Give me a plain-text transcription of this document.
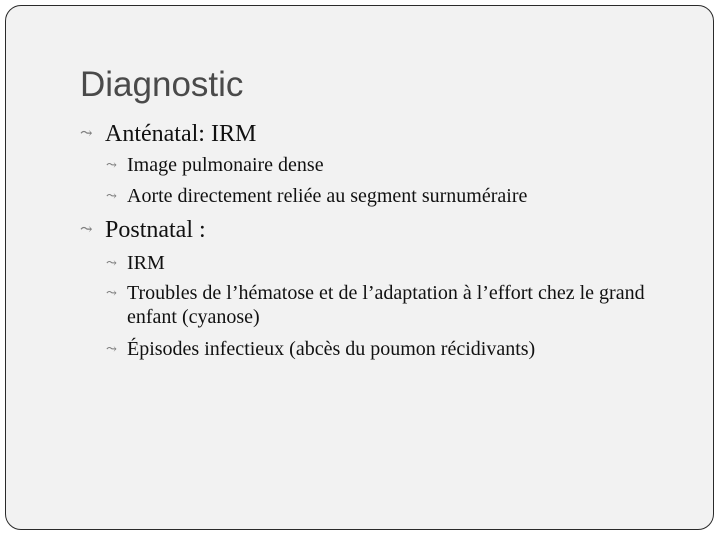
Diagnostic
⤳ Anténatal: IRM
⤳ Image pulmonaire dense
⤳ Aorte directement reliée au segment surnuméraire
⤳ Postnatal :
⤳ IRM
⤳ Troubles de l’hématose et de l’adaptation à l’effort chez le grand enfant (cyanose)
⤳ Épisodes infectieux (abcès du poumon récidivants)
